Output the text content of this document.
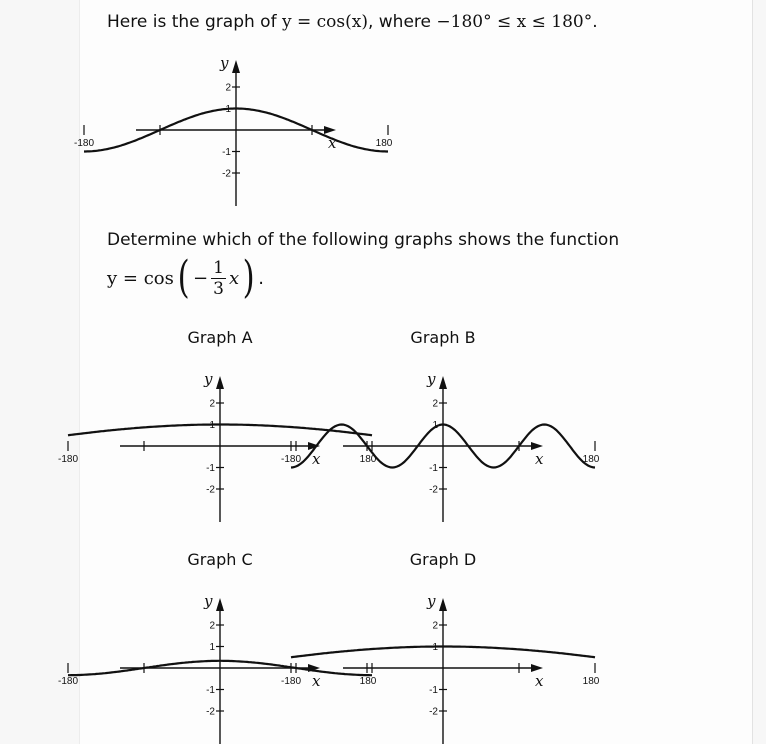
Here is the graph of y = cos(x), where −180° ≤ x ≤ 180°.
2
1
-1
-2
-180	180
x
y
Determine which of the following graphs shows the function
y = cos ( − $\frac{1}{3}$ x ) .
Graph A	Graph B
Graph C	Graph D
2
1
-1
-2
-180	180
x
y
2
1
-1
-2
-180	180
x
y
2
1
-1
-2
-180	180
x
y
2
1
-1
-2
-180	180
x
y
